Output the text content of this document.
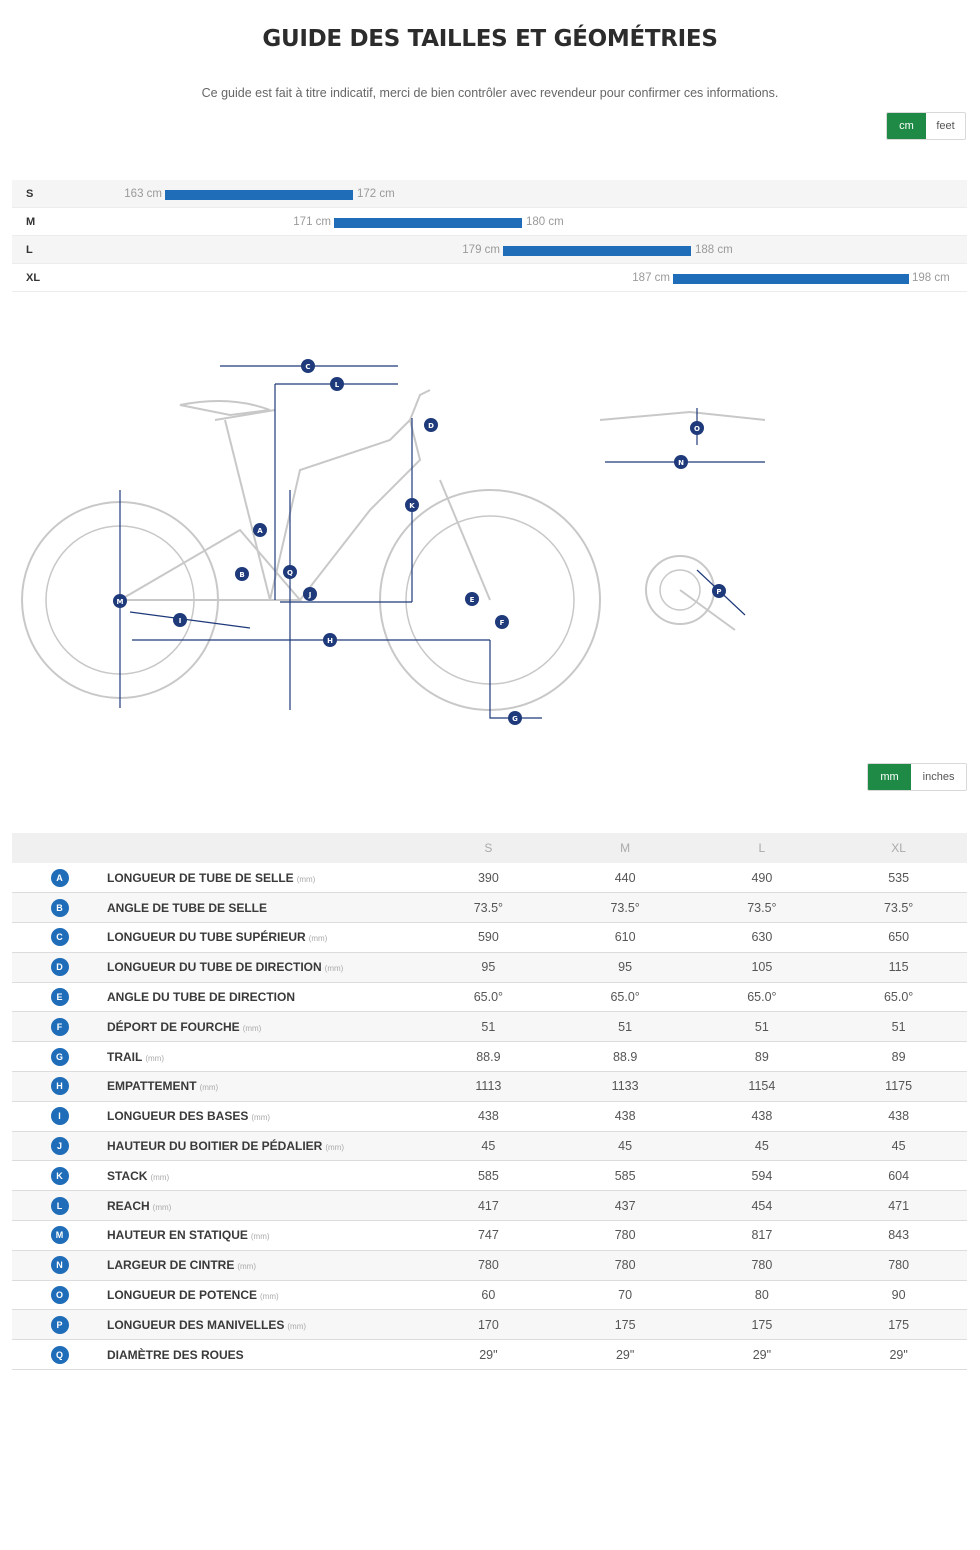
GUIDE DES TAILLES ET GÉOMÉTRIES

Ce guide est fait à titre indicatif, merci de bien contrôler avec revendeur pour confirmer ces informations.

cm	feet
S	163 cm	172 cm
M	171 cm	180 cm
L	179 cm	188 cm
XL	187 cm	198 cm
A
B
C
D
E
F
G
H
I
J
K
L
M
N
O
P
Q
mm	inches
		S	M	L	XL
A	LONGUEUR DE TUBE DE SELLE (mm)	390	440	490	535
B	ANGLE DE TUBE DE SELLE	73.5°	73.5°	73.5°	73.5°
C	LONGUEUR DU TUBE SUPÉRIEUR (mm)	590	610	630	650
D	LONGUEUR DU TUBE DE DIRECTION (mm)	95	95	105	115
E	ANGLE DU TUBE DE DIRECTION	65.0°	65.0°	65.0°	65.0°
F	DÉPORT DE FOURCHE (mm)	51	51	51	51
G	TRAIL (mm)	88.9	88.9	89	89
H	EMPATTEMENT (mm)	1113	1133	1154	1175
I	LONGUEUR DES BASES (mm)	438	438	438	438
J	HAUTEUR DU BOITIER DE PÉDALIER (mm)	45	45	45	45
K	STACK (mm)	585	585	594	604
L	REACH (mm)	417	437	454	471
M	HAUTEUR EN STATIQUE (mm)	747	780	817	843
N	LARGEUR DE CINTRE (mm)	780	780	780	780
O	LONGUEUR DE POTENCE (mm)	60	70	80	90
P	LONGUEUR DES MANIVELLES (mm)	170	175	175	175
Q	DIAMÈTRE DES ROUES	29"	29"	29"	29"
